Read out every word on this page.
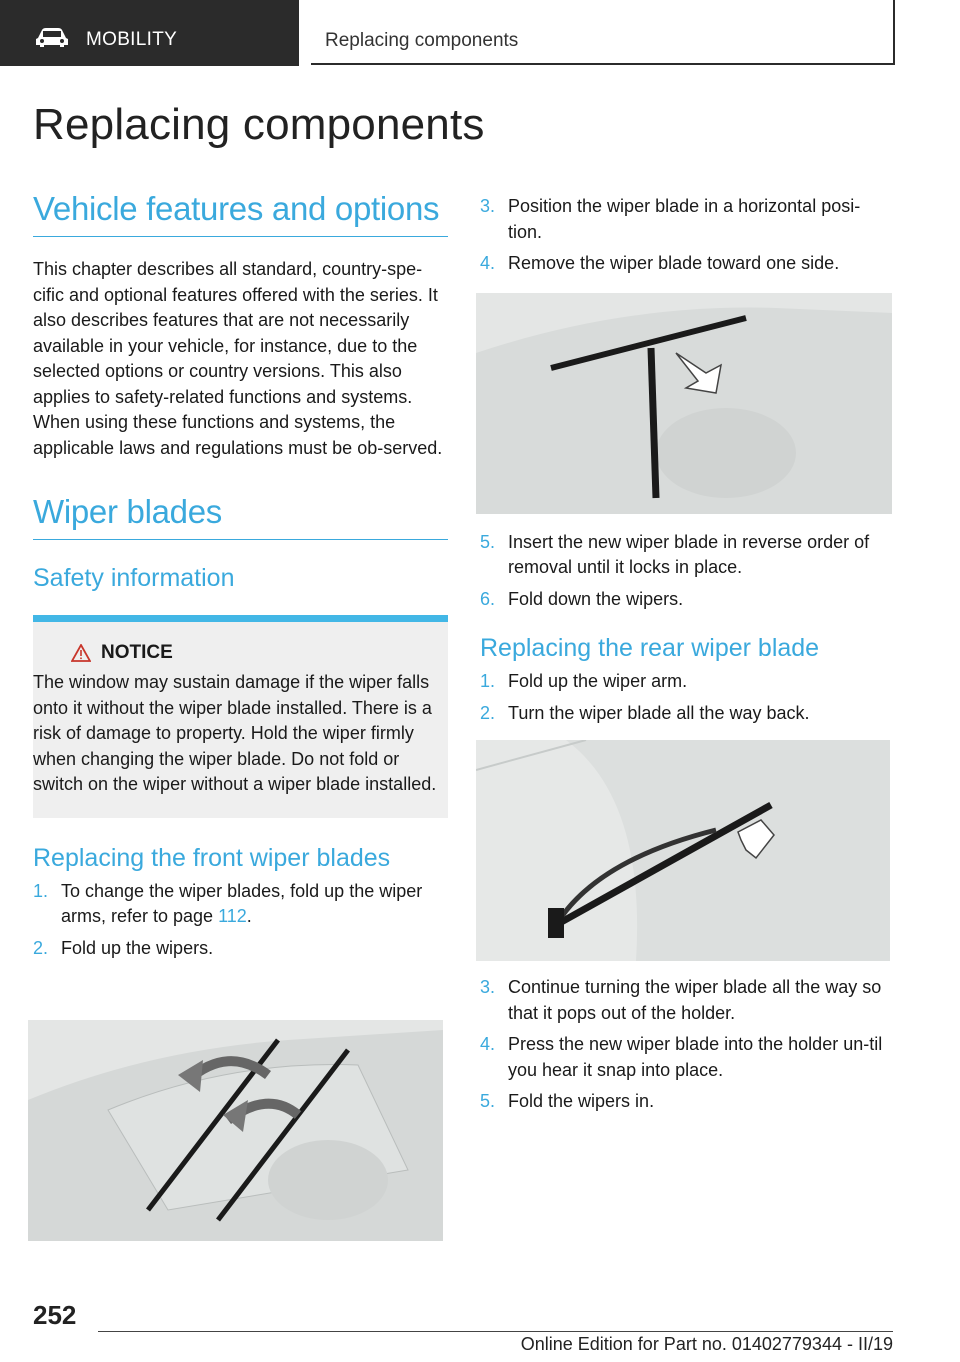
MOBILITY	Replacing components
Replacing components
Vehicle features and options

This chapter describes all standard, country-spe-cific and optional features offered with the series. It also describes features that are not necessarily available in your vehicle, for instance, due to the selected options or country versions. This also applies to safety-related functions and systems. When using these functions and systems, the applicable laws and regulations must be ob-served.

Wiper blades
Safety information
NOTICE

The window may sustain damage if the wiper falls onto it without the wiper blade installed. There is a risk of damage to property. Hold the wiper firmly when changing the wiper blade. Do not fold or switch on the wiper without a wiper blade installed.

Replacing the front wiper blades
1. To change the wiper blades, fold up the wiper arms, refer to page 112.
2. Fold up the wipers.
3. Position the wiper blade in a horizontal posi-tion.
4. Remove the wiper blade toward one side.
5. Insert the new wiper blade in reverse order of removal until it locks in place.
6. Fold down the wipers.
Replacing the rear wiper blade
1. Fold up the wiper arm.
2. Turn the wiper blade all the way back.
3. Continue turning the wiper blade all the way so that it pops out of the holder.
4. Press the new wiper blade into the holder un-til you hear it snap into place.
5. Fold the wipers in.
252
Online Edition for Part no. 01402779344 - II/19
